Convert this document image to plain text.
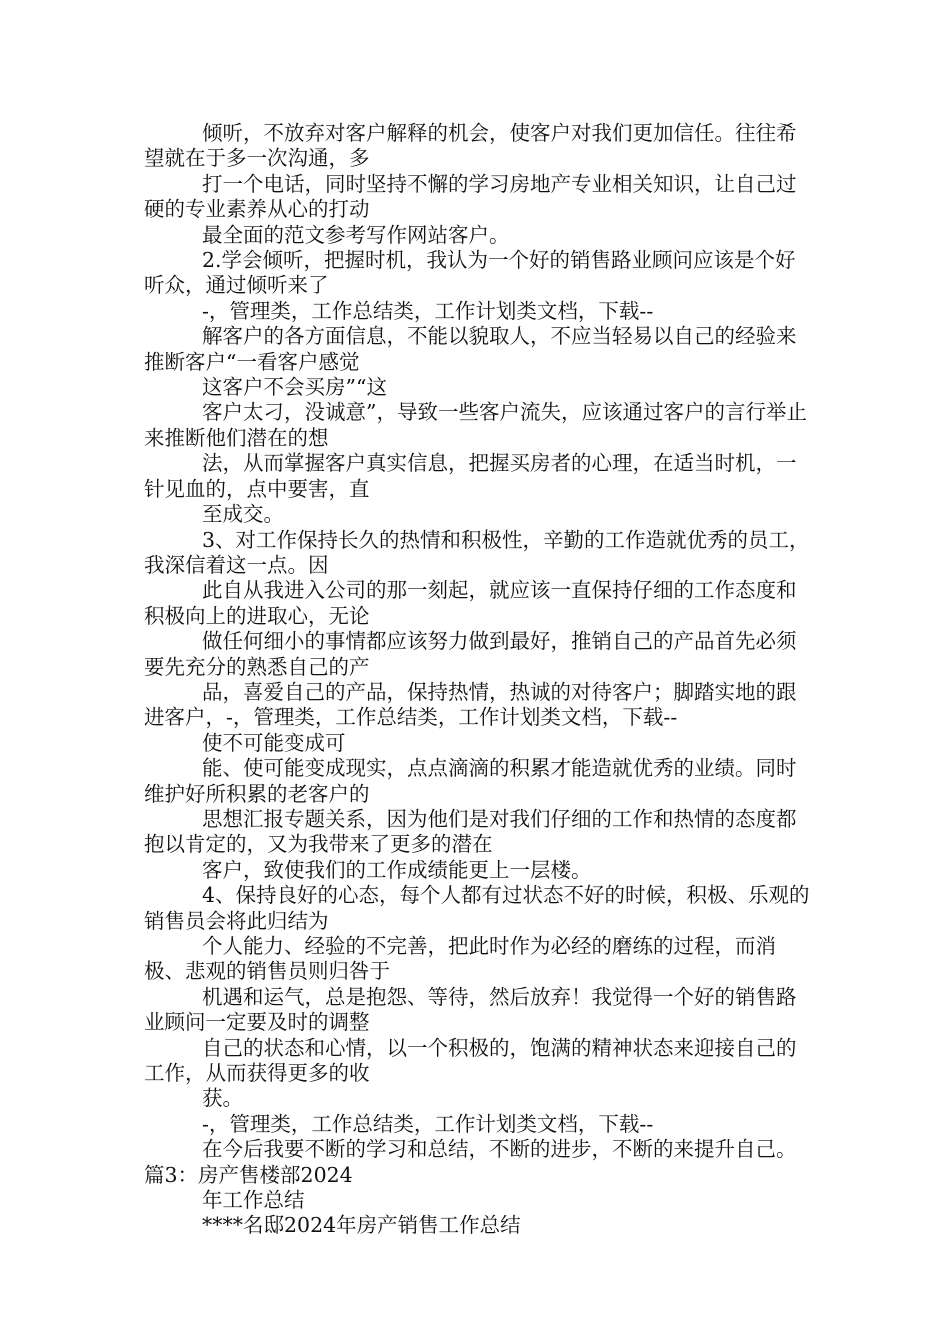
倾听，不放弃对客户解释的机会，使客户对我们更加信任。往往希望就在于多一次沟通，多

打一个电话，同时坚持不懈的学习房地产专业相关知识，让自己过硬的专业素养从心的打动

最全面的范文参考写作网站客户。

2.学会倾听，把握时机，我认为一个好的销售路业顾问应该是个好听众，通过倾听来了

-，管理类，工作总结类，工作计划类文档，下载--

解客户的各方面信息，不能以貌取人，不应当轻易以自己的经验来推断客户“一看客户感觉

这客户不会买房”“这

客户太刁，没诚意”，导致一些客户流失，应该通过客户的言行举止来推断他们潜在的想

法，从而掌握客户真实信息，把握买房者的心理，在适当时机，一针见血的，点中要害，直

至成交。

3、对工作保持长久的热情和积极性，辛勤的工作造就优秀的员工，我深信着这一点。因

此自从我进入公司的那一刻起，就应该一直保持仔细的工作态度和积极向上的进取心，无论

做任何细小的事情都应该努力做到最好，推销自己的产品首先必须要先充分的熟悉自己的产

品，喜爱自己的产品，保持热情，热诚的对待客户；脚踏实地的跟进客户，-，管理类，工作总结类，工作计划类文档，下载--

使不可能变成可

能、使可能变成现实，点点滴滴的积累才能造就优秀的业绩。同时维护好所积累的老客户的

思想汇报专题关系，因为他们是对我们仔细的工作和热情的态度都抱以肯定的，又为我带来了更多的潜在

客户，致使我们的工作成绩能更上一层楼。

4、保持良好的心态，每个人都有过状态不好的时候，积极、乐观的销售员会将此归结为

个人能力、经验的不完善，把此时作为必经的磨练的过程，而消极、悲观的销售员则归咎于

机遇和运气，总是抱怨、等待，然后放弃！我觉得一个好的销售路业顾问一定要及时的调整

自己的状态和心情，以一个积极的，饱满的精神状态来迎接自己的工作，从而获得更多的收

获。

-，管理类，工作总结类，工作计划类文档，下载--

在今后我要不断的学习和总结，不断的进步，不断的来提升自己。篇3：房产售楼部2024

年工作总结

****名邸2024年房产销售工作总结
